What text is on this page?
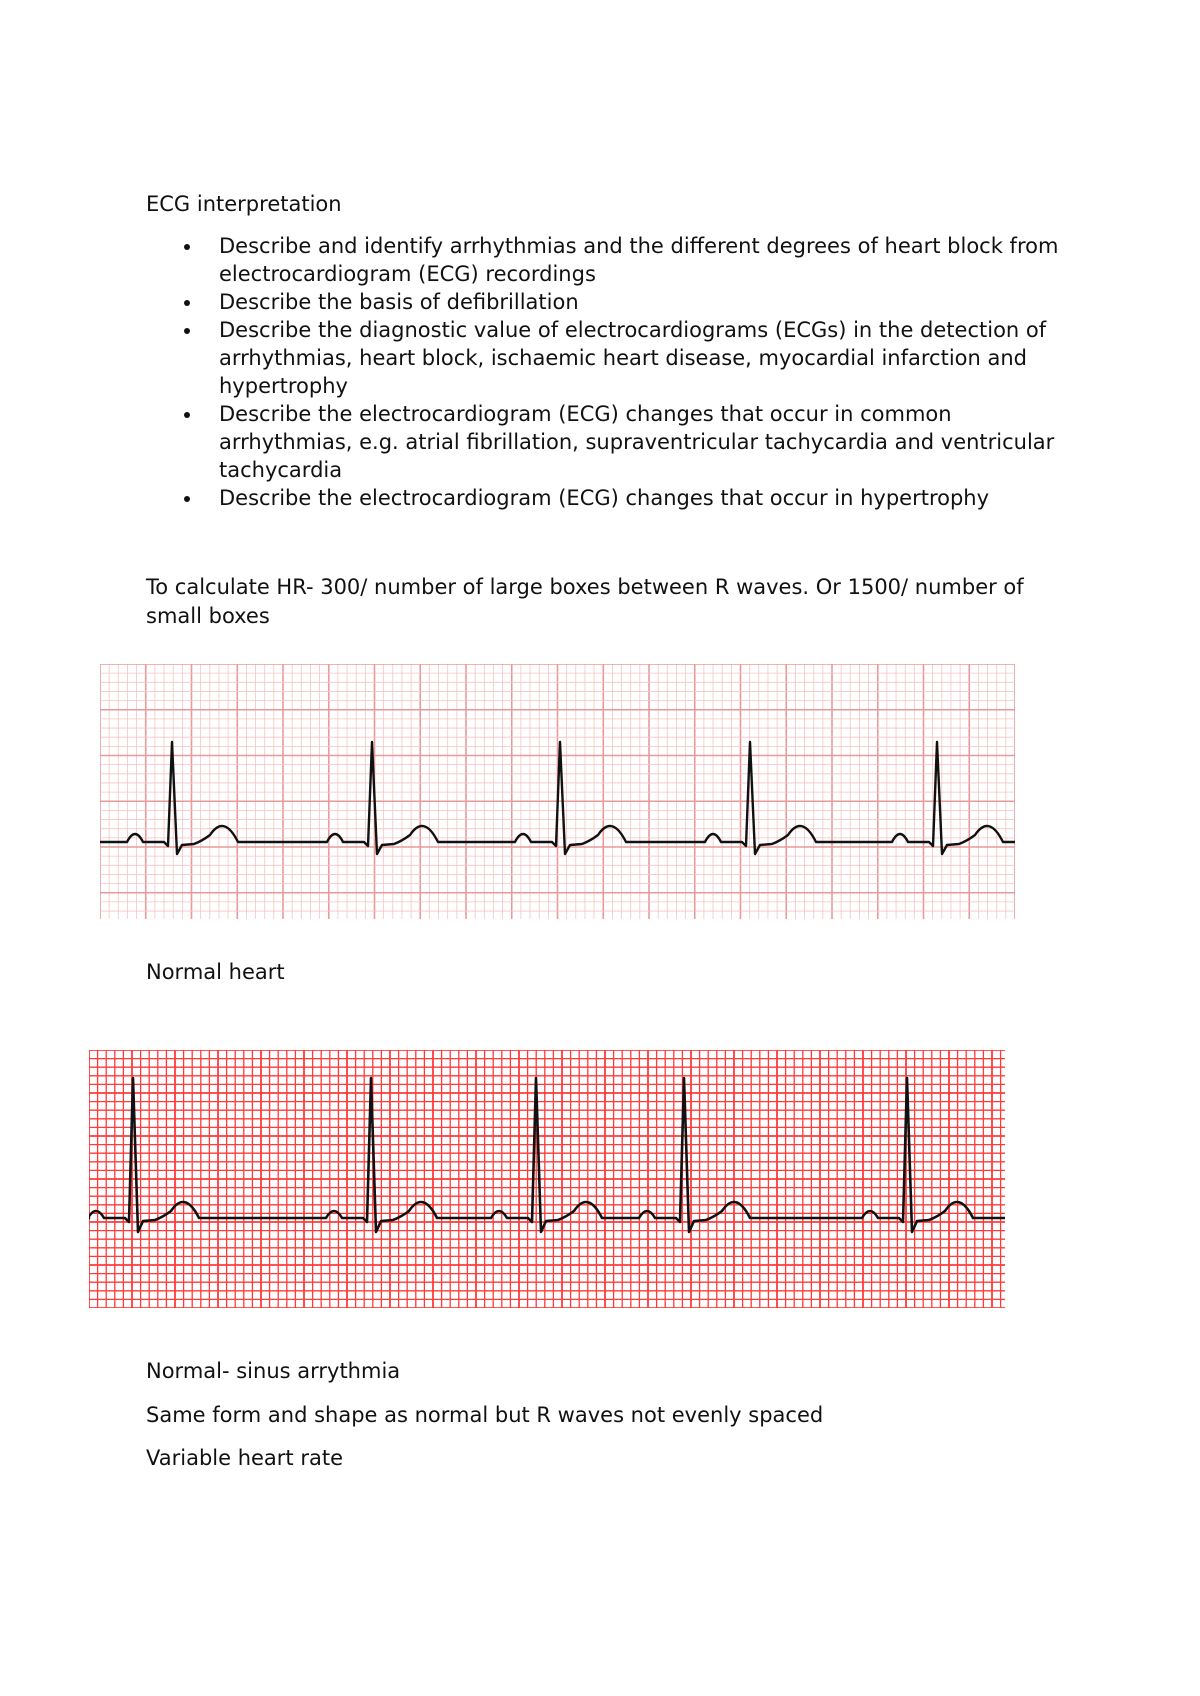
ECG interpretation
Describe and identify arrhythmias and the different degrees of heart block from electrocardiogram (ECG) recordings
Describe the basis of defibrillation
Describe the diagnostic value of electrocardiograms (ECGs) in the detection of arrhythmias, heart block, ischaemic heart disease, myocardial infarction and hypertrophy
Describe the electrocardiogram (ECG) changes that occur in common arrhythmias, e.g. atrial fibrillation, supraventricular tachycardia and ventricular tachycardia
Describe the electrocardiogram (ECG) changes that occur in hypertrophy
To calculate HR- 300/ number of large boxes between R waves. Or 1500/ number of small boxes
Normal heart
Normal- sinus arrythmia
Same form and shape as normal but R waves not evenly spaced
Variable heart rate
